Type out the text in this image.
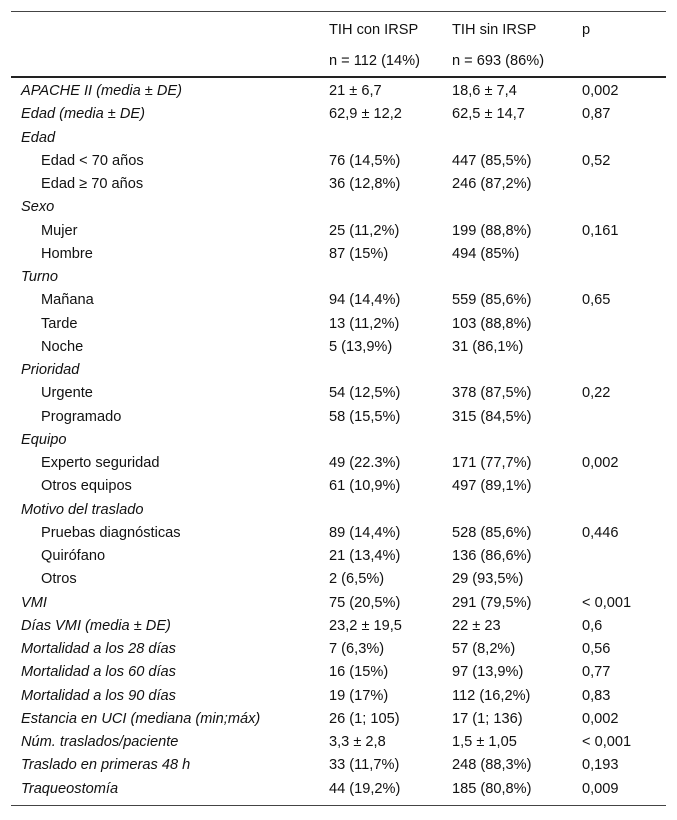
	TIH con IRSP	TIH sin IRSP	p
	n = 112 (14%)	n = 693 (86%)	
APACHE II (media ± DE)	21 ± 6,7	18,6 ± 7,4	0,002
Edad (media ± DE)	62,9 ± 12,2	62,5 ± 14,7	0,87
Edad			
Edad < 70 años	76 (14,5%)	447 (85,5%)	0,52
Edad ≥ 70 años	36 (12,8%)	246 (87,2%)	
Sexo			
Mujer	25 (11,2%)	199 (88,8%)	0,161
Hombre	87 (15%)	494 (85%)	
Turno			
Mañana	94 (14,4%)	559 (85,6%)	0,65
Tarde	13 (11,2%)	103 (88,8%)	
Noche	5 (13,9%)	31 (86,1%)	
Prioridad			
Urgente	54 (12,5%)	378 (87,5%)	0,22
Programado	58 (15,5%)	315 (84,5%)	
Equipo			
Experto seguridad	49 (22.3%)	171 (77,7%)	0,002
Otros equipos	61 (10,9%)	497 (89,1%)	
Motivo del traslado			
Pruebas diagnósticas	89 (14,4%)	528 (85,6%)	0,446
Quirófano	21 (13,4%)	136 (86,6%)	
Otros	2 (6,5%)	29 (93,5%)	
VMI	75 (20,5%)	291 (79,5%)	< 0,001
Días VMI (media ± DE)	23,2 ± 19,5	22 ± 23	0,6
Mortalidad a los 28 días	7 (6,3%)	57 (8,2%)	0,56
Mortalidad a los 60 días	16 (15%)	97 (13,9%)	0,77
Mortalidad a los 90 días	19 (17%)	112 (16,2%)	0,83
Estancia en UCI (mediana (min;máx)	26 (1; 105)	17 (1; 136)	0,002
Núm. traslados/paciente	3,3 ± 2,8	1,5 ± 1,05	< 0,001
Traslado en primeras 48 h	33 (11,7%)	248 (88,3%)	0,193
Traqueostomía	44 (19,2%)	185 (80,8%)	0,009
